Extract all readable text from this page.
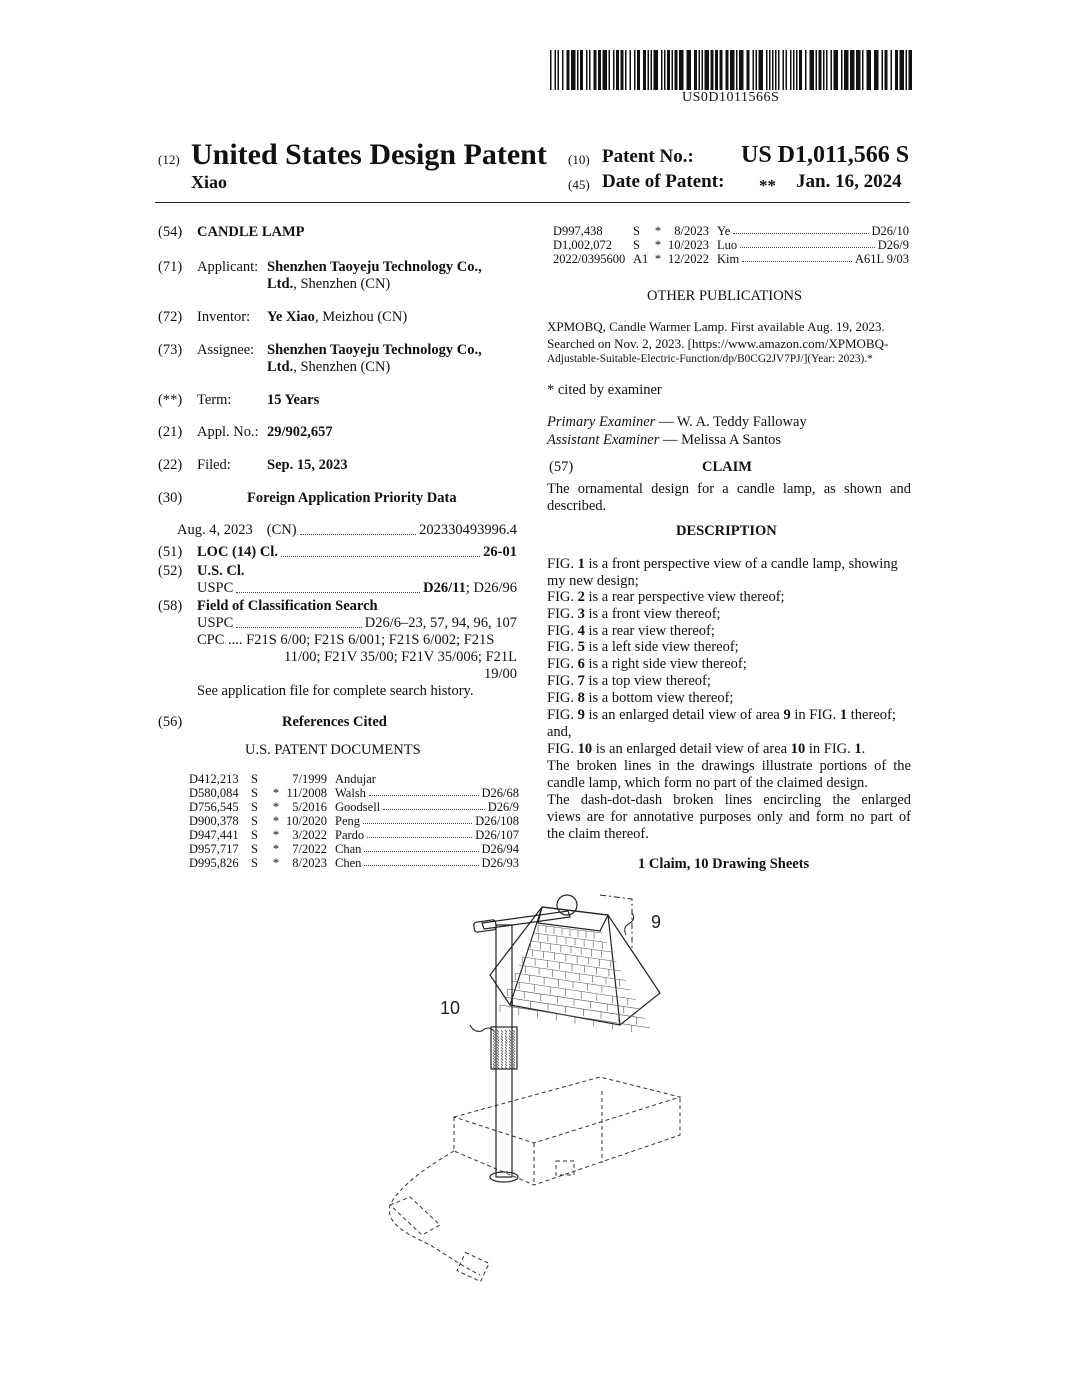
US0D1011566S
(12) United States Design Patent
Xiao
(10) Patent No.: US D1,011,566 S
(45) Date of Patent: ** Jan. 16, 2024
(54) CANDLE LAMP
(71) Applicant: Shenzhen Taoyeju Technology Co.,
Ltd., Shenzhen (CN)
(72) Inventor: Ye Xiao, Meizhou (CN)
(73) Assignee: Shenzhen Taoyeju Technology Co.,
Ltd., Shenzhen (CN)
(**) Term: 15 Years
(21) Appl. No.: 29/902,657
(22) Filed: Sep. 15, 2023
(30)	Foreign Application Priority Data
Aug. 4, 2023 (CN)	202330493996.4
(51) LOC (14) Cl.	26-01
(52) U.S. Cl.
USPC	D26/11 ; D26/96
(58) Field of Classification Search
USPC	D26/6–23, 57, 94, 96, 107
CPC .... F21S 6/00; F21S 6/001; F21S 6/002; F21S
11/00; F21V 35/00; F21V 35/006; F21L
19/00
See application file for complete search history.
(56)	References Cited
U.S. PATENT DOCUMENTS
D412,213 S	7/1999 Andujar
D580,084 S	* 11/2008 Walsh	D26/68
D756,545 S	*	5/2016 Goodsell	D26/9
D900,378 S	* 10/2020 Peng	D26/108
D947,441 S	*	3/2022 Pardo	D26/107
D957,717 S	*	7/2022 Chan	D26/94
D995,826 S	*	8/2023 Chen	D26/93
D997,438	S	*	8/2023 Ye	D26/10
D1,002,072	S	* 10/2023 Luo	D26/9
2022/0395600 A1 * 12/2022 Kim	A61L 9/03
OTHER PUBLICATIONS
XPMOBQ, Candle Warmer Lamp. First available Aug. 19, 2023.
Searched on Nov. 2, 2023. [https://www.amazon.com/XPMOBQ-
Adjustable-Suitable-Electric-Function/dp/B0CG2JV7PJ/](Year: 2023).*
* cited by examiner
Primary Examiner — W. A. Teddy Falloway
Assistant Examiner — Melissa A Santos
(57)	CLAIM
The ornamental design for a candle lamp, as shown and
described.
DESCRIPTION
FIG. 1 is a front perspective view of a candle lamp, showing
my new design;
FIG. 2 is a rear perspective view thereof;
FIG. 3 is a front view thereof;
FIG. 4 is a rear view thereof;
FIG. 5 is a left side view thereof;
FIG. 6 is a right side view thereof;
FIG. 7 is a top view thereof;
FIG. 8 is a bottom view thereof;
FIG. 9 is an enlarged detail view of area 9 in FIG. 1 thereof;
and,
FIG. 10 is an enlarged detail view of area 10 in FIG. 1.
The broken lines in the drawings illustrate portions of the
candle lamp, which form no part of the claimed design.
The dash-dot-dash broken lines encircling the enlarged
views are for annotative purposes only and form no part of
the claim thereof.
1 Claim, 10 Drawing Sheets
9
10
